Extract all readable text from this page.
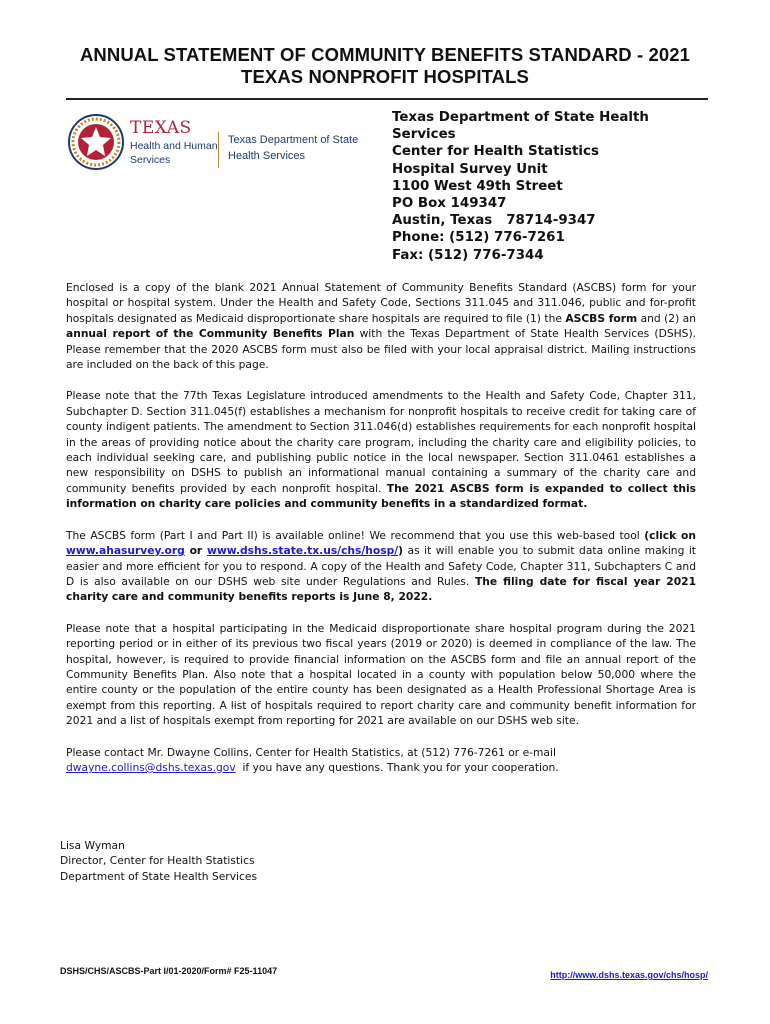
ANNUAL STATEMENT OF COMMUNITY BENEFITS STANDARD - 2021
TEXAS NONPROFIT HOSPITALS
TEXAS
Health and Human
Services
Texas Department of State
Health Services
Texas Department of State Health
Services
Center for Health Statistics
Hospital Survey Unit
1100 West 49th Street
PO Box 149347
Austin, Texas   78714-9347
Phone: (512) 776-7261
Fax: (512) 776-7344

Enclosed is a copy of the blank 2021 Annual Statement of Community Benefits Standard (ASCBS) form for your hospital or hospital system. Under the Health and Safety Code, Sections 311.045 and 311.046, public and for-profit hospitals designated as Medicaid disproportionate share hospitals are required to file (1) the ASCBS form and (2) an annual report of the Community Benefits Plan with the Texas Department of State Health Services (DSHS). Please remember that the 2020 ASCBS form must also be filed with your local appraisal district. Mailing instructions are included on the back of this page.

Please note that the 77th Texas Legislature introduced amendments to the Health and Safety Code, Chapter 311, Subchapter D. Section 311.045(f) establishes a mechanism for nonprofit hospitals to receive credit for taking care of county indigent patients. The amendment to Section 311.046(d) establishes requirements for each nonprofit hospital in the areas of providing notice about the charity care program, including the charity care and eligibility policies, to each individual seeking care, and publishing public notice in the local newspaper. Section 311.0461 establishes a new responsibility on DSHS to publish an informational manual containing a summary of the charity care and community benefits provided by each nonprofit hospital. The 2021 ASCBS form is expanded to collect this information on charity care policies and community benefits in a standardized format.

The ASCBS form (Part I and Part II) is available online! We recommend that you use this web-based tool (click on www.ahasurvey.org or www.dshs.state.tx.us/chs/hosp/) as it will enable you to submit data online making it easier and more efficient for you to respond. A copy of the Health and Safety Code, Chapter 311, Subchapters C and D is also available on our DSHS web site under Regulations and Rules. The filing date for fiscal year 2021 charity care and community benefits reports is June 8, 2022.

Please note that a hospital participating in the Medicaid disproportionate share hospital program during the 2021 reporting period or in either of its previous two fiscal years (2019 or 2020) is deemed in compliance of the law. The hospital, however, is required to provide financial information on the ASCBS form and file an annual report of the Community Benefits Plan. Also note that a hospital located in a county with population below 50,000 where the entire county or the population of the entire county has been designated as a Health Professional Shortage Area is exempt from this reporting. A list of hospitals required to report charity care and community benefit information for 2021 and a list of hospitals exempt from reporting for 2021 are available on our DSHS web site.

Please contact Mr. Dwayne Collins, Center for Health Statistics, at (512) 776-7261 or e-mail
dwayne.collins@dshs.texas.gov  if you have any questions. Thank you for your cooperation.

Lisa Wyman
Director, Center for Health Statistics
Department of State Health Services
DSHS/CHS/ASCBS-Part I/01-2020/Form# F25-11047	http://www.dshs.texas.gov/chs/hosp/
